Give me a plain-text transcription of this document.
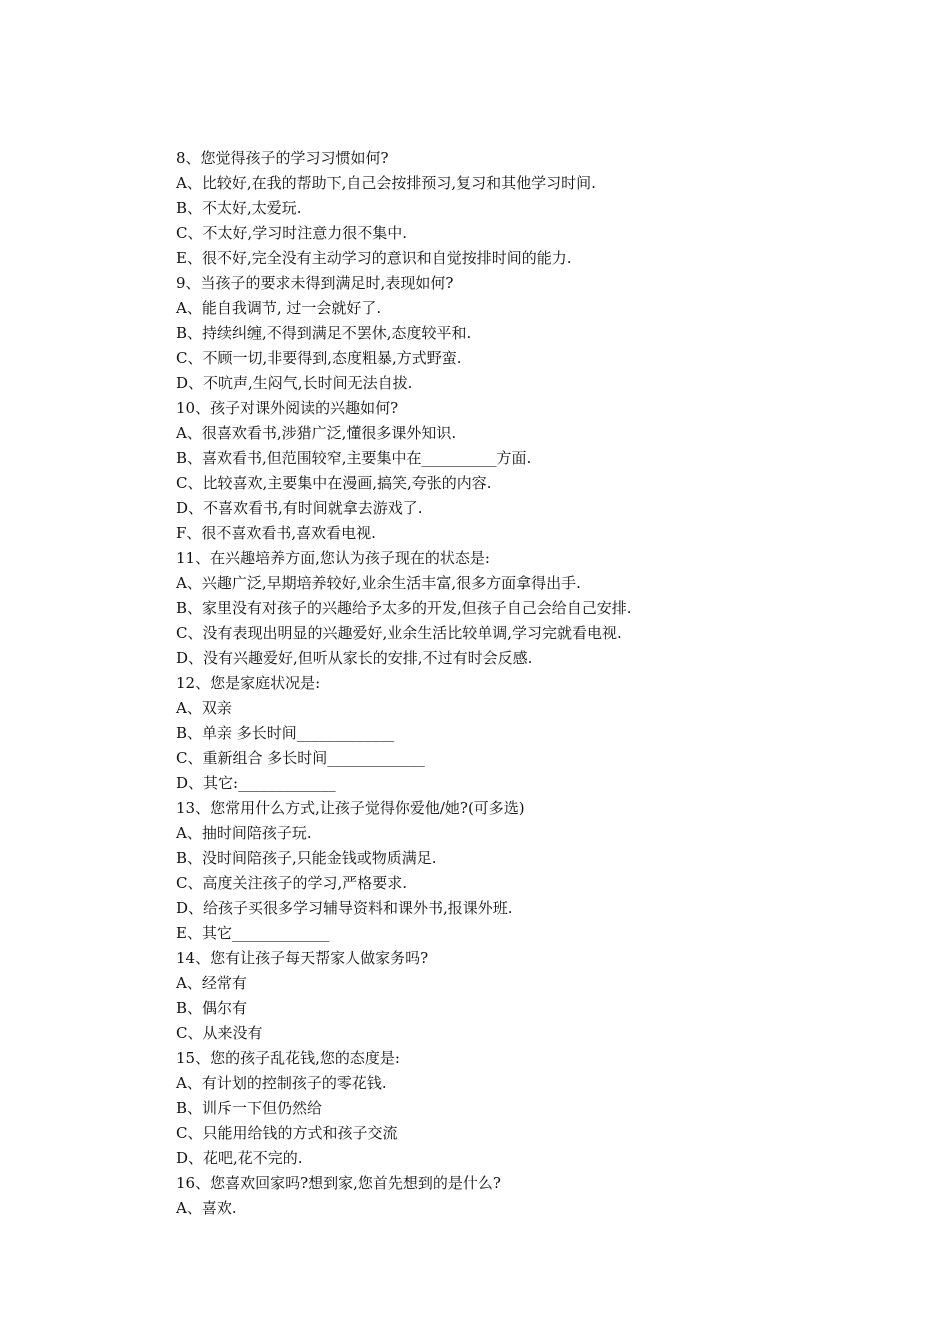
8、您觉得孩子的学习习惯如何?
A、比较好,在我的帮助下,自己会按排预习,复习和其他学习时间.
B、不太好,太爱玩.
C、不太好,学习时注意力很不集中.
E、很不好,完全没有主动学习的意识和自觉按排时间的能力.
9、当孩子的要求未得到满足时,表现如何?
A、能自我调节, 过一会就好了.
B、持续纠缠,不得到满足不罢休,态度较平和.
C、不顾一切,非要得到,态度粗暴,方式野蛮.
D、不吭声,生闷气,长时间无法自拔.
10、孩子对课外阅读的兴趣如何?
A、很喜欢看书,涉猎广泛,懂很多课外知识.
B、喜欢看书,但范围较窄,主要集中在__________方面.
C、比较喜欢,主要集中在漫画,搞笑,夸张的内容.
D、不喜欢看书,有时间就拿去游戏了.
F、很不喜欢看书,喜欢看电视.
11、在兴趣培养方面,您认为孩子现在的状态是:
A、兴趣广泛,早期培养较好,业余生活丰富,很多方面拿得出手.
B、家里没有对孩子的兴趣给予太多的开发,但孩子自己会给自己安排.
C、没有表现出明显的兴趣爱好,业余生活比较单调,学习完就看电视.
D、没有兴趣爱好,但听从家长的安排,不过有时会反感.
12、您是家庭状况是:
A、双亲
B、单亲 多长时间_____________
C、重新组合 多长时间_____________
D、其它:_____________
13、您常用什么方式,让孩子觉得你爱他/她?(可多选)
A、抽时间陪孩子玩.
B、没时间陪孩子,只能金钱或物质满足.
C、高度关注孩子的学习,严格要求.
D、给孩子买很多学习辅导资料和课外书,报课外班.
E、其它_____________
14、您有让孩子每天帮家人做家务吗?
A、经常有
B、偶尔有
C、从来没有
15、您的孩子乱花钱,您的态度是:
A、有计划的控制孩子的零花钱.
B、训斥一下但仍然给
C、只能用给钱的方式和孩子交流
D、花吧,花不完的.
16、您喜欢回家吗?想到家,您首先想到的是什么?
A、喜欢.
